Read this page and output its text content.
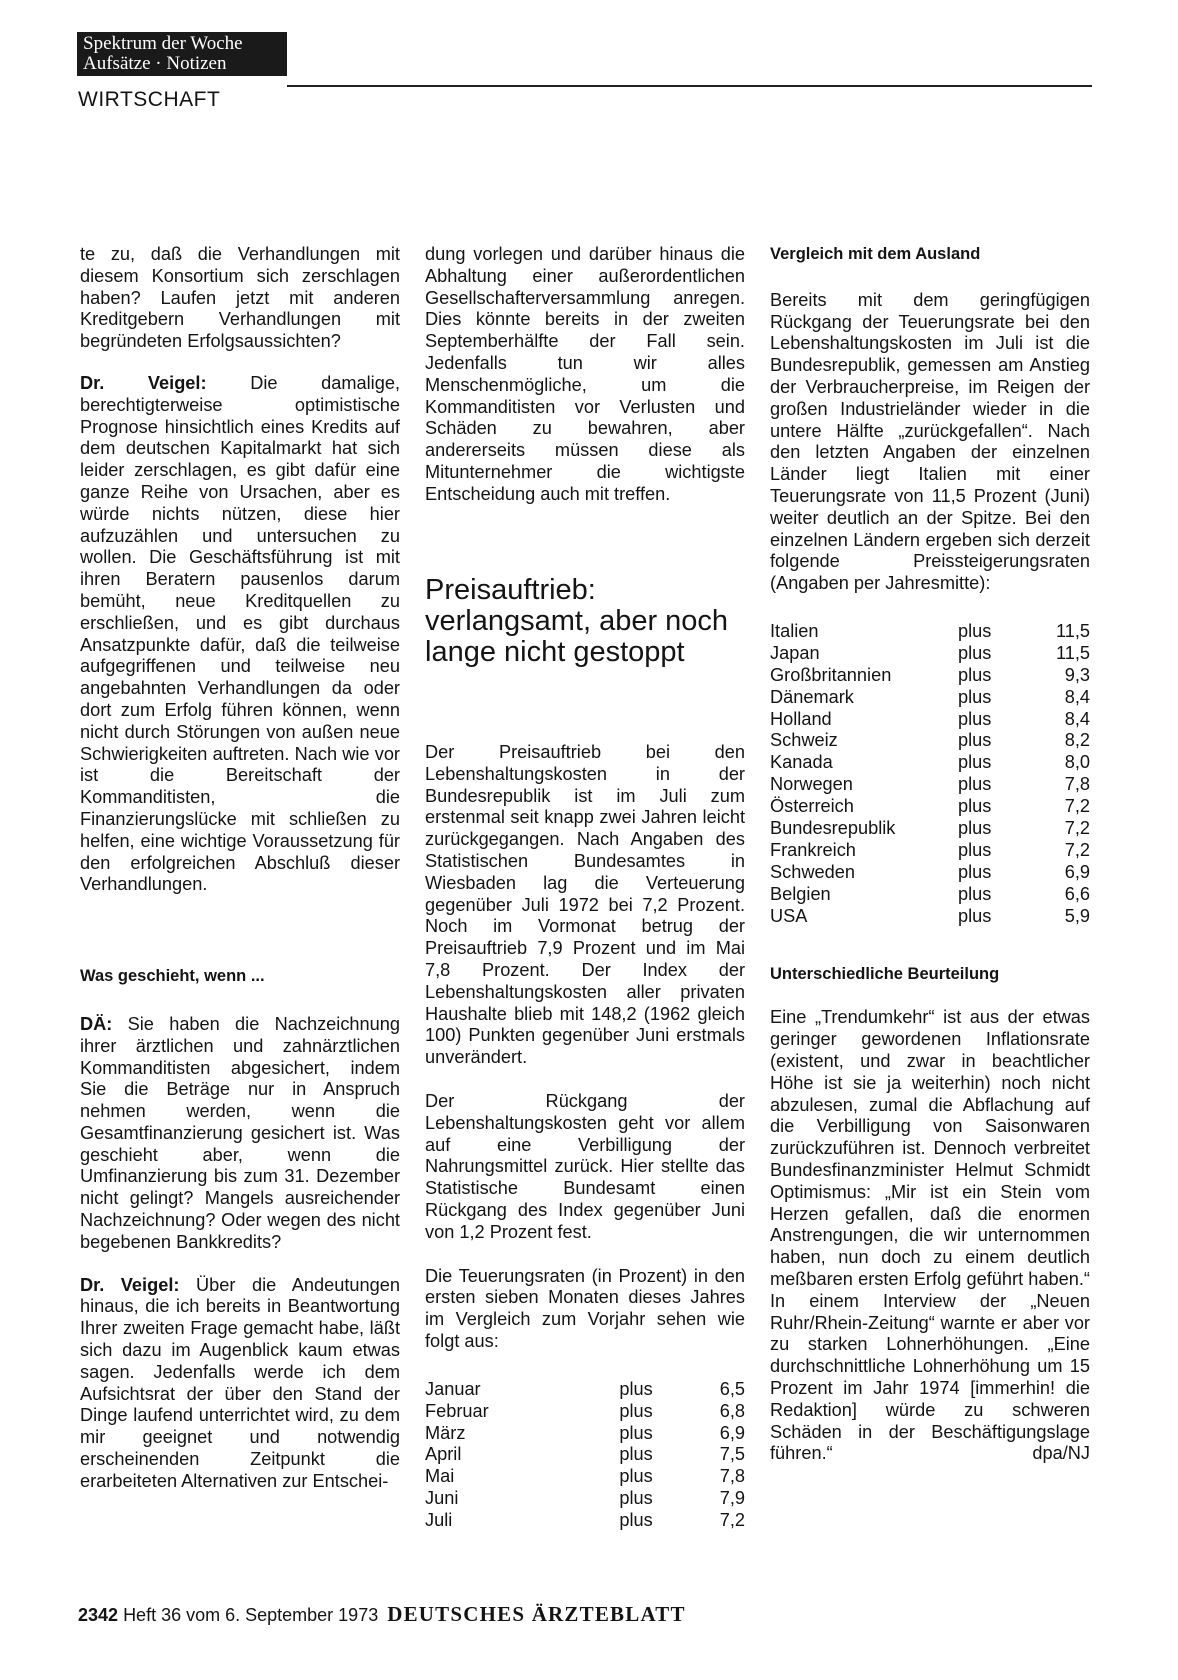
Spektrum der Woche
Aufsätze · Notizen
WIRTSCHAFT

te zu, daß die Verhandlungen mit diesem Konsortium sich zerschlagen haben? Laufen jetzt mit anderen Kreditgebern Verhandlungen mit begründeten Erfolgsaussichten?

Dr. Veigel: Die damalige, berechtigterweise optimistische Prognose hinsichtlich eines Kredits auf dem deutschen Kapitalmarkt hat sich leider zerschlagen, es gibt dafür eine ganze Reihe von Ursachen, aber es würde nichts nützen, diese hier aufzuzählen und untersuchen zu wollen. Die Geschäftsführung ist mit ihren Beratern pausenlos darum bemüht, neue Kreditquellen zu erschließen, und es gibt durchaus Ansatzpunkte dafür, daß die teilweise aufgegriffenen und teilweise neu angebahnten Verhandlungen da oder dort zum Erfolg führen können, wenn nicht durch Störungen von außen neue Schwierigkeiten auftreten. Nach wie vor ist die Bereitschaft der Kommanditisten, die Finanzierungslücke mit schließen zu helfen, eine wichtige Voraussetzung für den erfolgreichen Abschluß dieser Verhandlungen.

Was geschieht, wenn ...

DÄ: Sie haben die Nachzeichnung ihrer ärztlichen und zahnärztlichen Kommanditisten abgesichert, indem Sie die Beträge nur in Anspruch nehmen werden, wenn die Gesamtfinanzierung gesichert ist. Was geschieht aber, wenn die Umfinanzierung bis zum 31. Dezember nicht gelingt? Mangels ausreichender Nachzeichnung? Oder wegen des nicht begebenen Bankkredits?

Dr. Veigel: Über die Andeutungen hinaus, die ich bereits in Beantwortung Ihrer zweiten Frage gemacht habe, läßt sich dazu im Augenblick kaum etwas sagen. Jedenfalls werde ich dem Aufsichtsrat der über den Stand der Dinge laufend unterrichtet wird, zu dem mir geeignet und notwendig erscheinenden Zeitpunkt die erarbeiteten Alternativen zur Entschei-

dung vorlegen und darüber hinaus die Abhaltung einer außerordentlichen Gesellschafterversammlung anregen. Dies könnte bereits in der zweiten Septemberhälfte der Fall sein. Jedenfalls tun wir alles Menschenmögliche, um die Kommanditisten vor Verlusten und Schäden zu bewahren, aber andererseits müssen diese als Mitunternehmer die wichtigste Entscheidung auch mit treffen.

Preisauftrieb: verlangsamt, aber noch lange nicht gestoppt

Der Preisauftrieb bei den Lebenshaltungskosten in der Bundesrepublik ist im Juli zum erstenmal seit knapp zwei Jahren leicht zurückgegangen. Nach Angaben des Statistischen Bundesamtes in Wiesbaden lag die Verteuerung gegenüber Juli 1972 bei 7,2 Prozent. Noch im Vormonat betrug der Preisauftrieb 7,9 Prozent und im Mai 7,8 Prozent. Der Index der Lebenshaltungskosten aller privaten Haushalte blieb mit 148,2 (1962 gleich 100) Punkten gegenüber Juni erstmals unverändert.

Der Rückgang der Lebenshaltungskosten geht vor allem auf eine Verbilligung der Nahrungsmittel zurück. Hier stellte das Statistische Bundesamt einen Rückgang des Index gegenüber Juni von 1,2 Prozent fest.

Die Teuerungsraten (in Prozent) in den ersten sieben Monaten dieses Jahres im Vergleich zum Vorjahr sehen wie folgt aus:

Januar	plus	6,5
Februar	plus	6,8
März	plus	6,9
April	plus	7,5
Mai	plus	7,8
Juni	plus	7,9
Juli	plus	7,2
Vergleich mit dem Ausland

Bereits mit dem geringfügigen Rückgang der Teuerungsrate bei den Lebenshaltungskosten im Juli ist die Bundesrepublik, gemessen am Anstieg der Verbraucherpreise, im Reigen der großen Industrieländer wieder in die untere Hälfte „zurückgefallen“. Nach den letzten Angaben der einzelnen Länder liegt Italien mit einer Teuerungsrate von 11,5 Prozent (Juni) weiter deutlich an der Spitze. Bei den einzelnen Ländern ergeben sich derzeit folgende Preissteigerungsraten (Angaben per Jahresmitte):

Italien	plus	11,5
Japan	plus	11,5
Großbritannien	plus	9,3
Dänemark	plus	8,4
Holland	plus	8,4
Schweiz	plus	8,2
Kanada	plus	8,0
Norwegen	plus	7,8
Österreich	plus	7,2
Bundesrepublik	plus	7,2
Frankreich	plus	7,2
Schweden	plus	6,9
Belgien	plus	6,6
USA	plus	5,9
Unterschiedliche Beurteilung

Eine „Trendumkehr“ ist aus der etwas geringer gewordenen Inflationsrate (existent, und zwar in beachtlicher Höhe ist sie ja weiterhin) noch nicht abzulesen, zumal die Abflachung auf die Verbilligung von Saisonwaren zurückzuführen ist. Dennoch verbreitet Bundesfinanzminister Helmut Schmidt Optimismus: „Mir ist ein Stein vom Herzen gefallen, daß die enormen Anstrengungen, die wir unternommen haben, nun doch zu einem deutlich meßbaren ersten Erfolg geführt haben.“ In einem Interview der „Neuen Ruhr/Rhein-Zeitung“ warnte er aber vor zu starken Lohnerhöhungen. „Eine durchschnittliche Lohnerhöhung um 15 Prozent im Jahr 1974 [immerhin! die Redaktion] würde zu schweren Schäden in der Beschäftigungslage führen.“	dpa/NJ

2342 Heft 36 vom 6. September 1973 DEUTSCHES ÄRZTEBLATT
